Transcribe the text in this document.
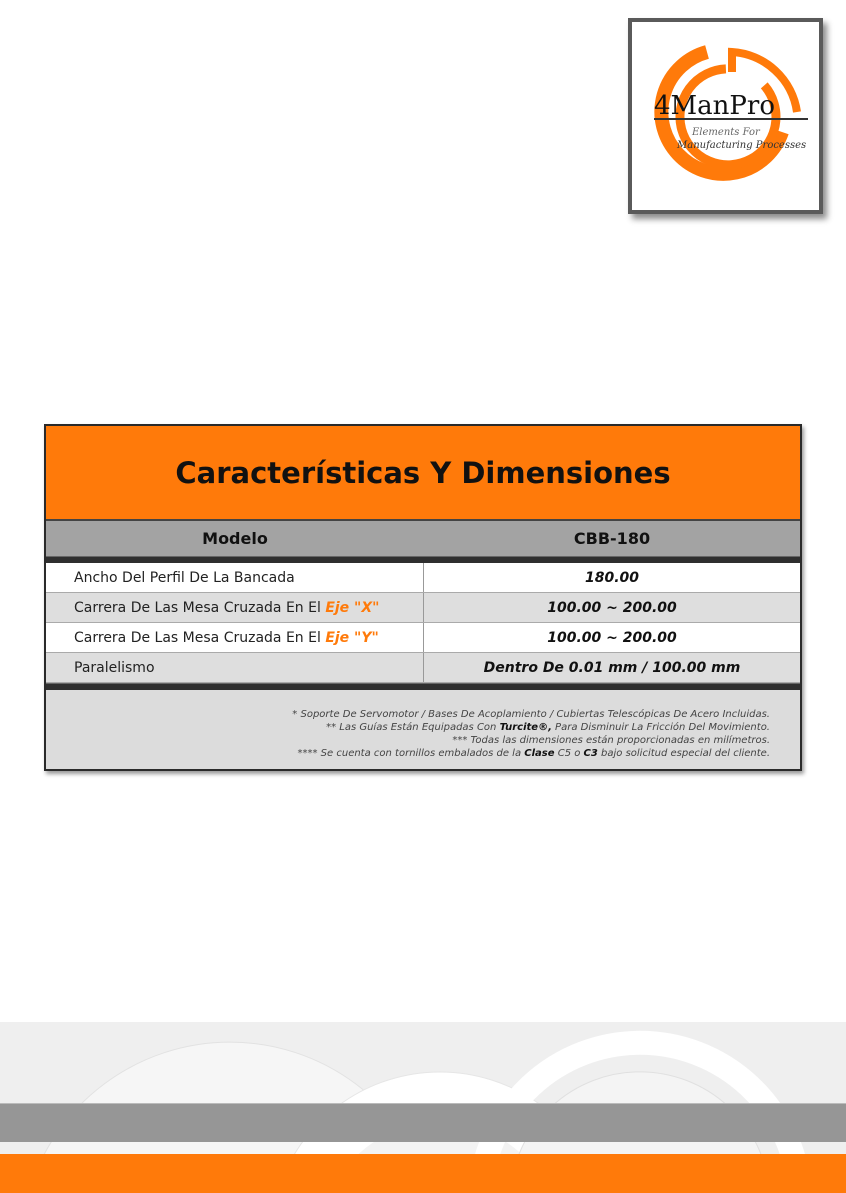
4ManPro
Elements For
Manufacturing Processes
Características Y Dimensiones
Modelo	CBB-180
Ancho Del Perfil De La Bancada	180.00
Carrera De Las Mesa Cruzada En El
Eje "X"	100.00 ~ 200.00
Carrera De Las Mesa Cruzada En El
Eje "Y"	100.00 ~ 200.00
Paralelismo	Dentro De 0.01 mm / 100.00 mm
* Soporte De Servomotor / Bases De Acoplamiento / Cubiertas Telescópicas De Acero Incluidas.
** Las Guías Están Equipadas Con Turcite®, Para Disminuir La Fricción Del Movimiento.
*** Todas las dimensiones están proporcionadas en milímetros.
**** Se cuenta con tornillos embalados de la Clase C5 o C3 bajo solicitud especial del cliente.
